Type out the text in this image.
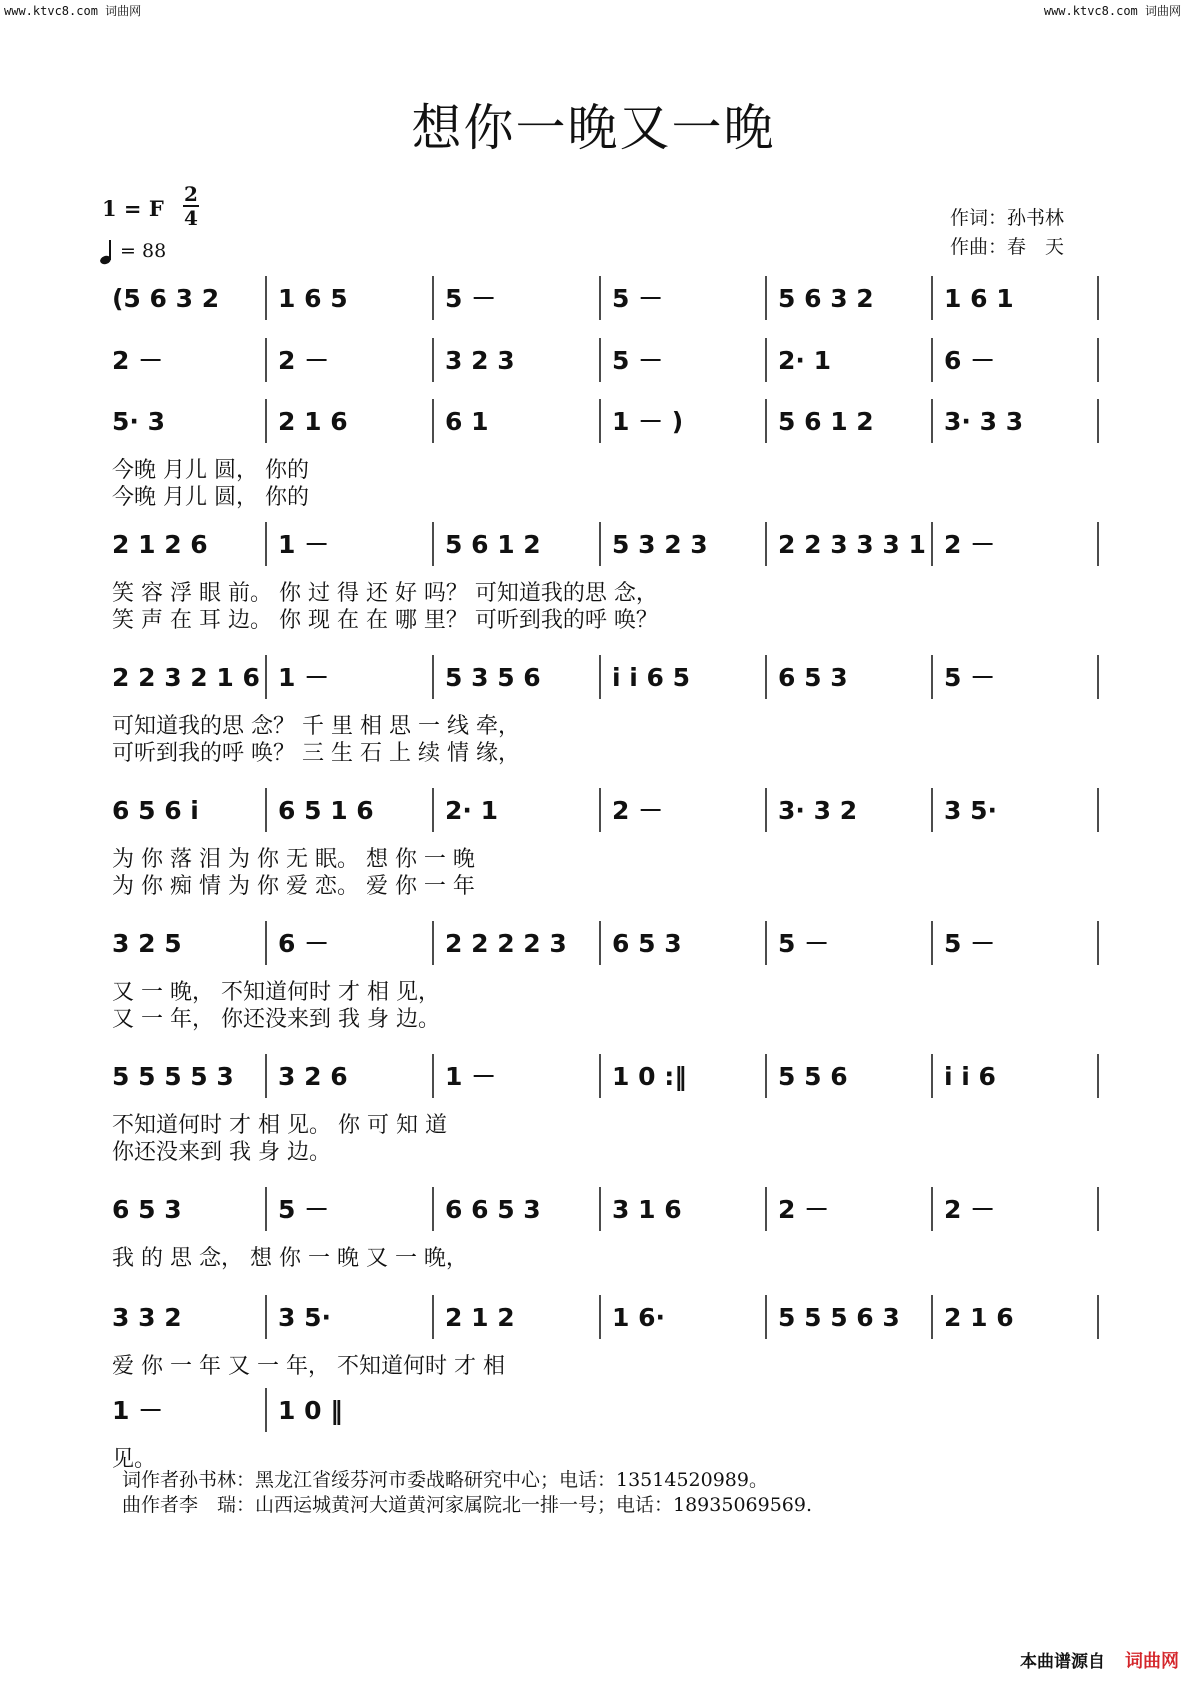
www.ktvc8.com 词曲网	www.ktvc8.com 词曲网
想你一晚又一晚
1 = F
2
4
= 88
作词：孙书林
作曲：春　天
(5 6 3 2 1 6 5	5 －	5 －	5 6 3 2	1 6 1
2 －	2 －	3 2 3	5 －	2· 1	6 －
5· 3	2 1 6	6 1	1 － )	5 6 1 2	3· 3 3
今晚 月儿 圆， 你的
今晚 月儿 圆， 你的
2 1 2 6	1 －	5 6 1 2	5 3 2 3	2 2 3 3 3 1 2 －
笑 容 浮 眼 前。 你 过 得 还 好 吗？ 可知道我的思 念，
笑 声 在 耳 边。 你 现 在 在 哪 里？ 可听到我的呼 唤？
2 2 3 2 1 6 1 －	5 3 5 6	i i 6 5	6 5 3	5 －
可知道我的思 念？ 千 里 相 思 一 线 牵，
可听到我的呼 唤？ 三 生 石 上 续 情 缘，
6 5 6 i	6 5 1 6	2· 1	2 －	3· 3 2	3 5·
为 你 落 泪 为 你 无 眠。 想 你 一 晚
为 你 痴 情 为 你 爱 恋。 爱 你 一 年
3 2 5	6 －	2 2 2 2 3 6 5 3	5 －	5 －
又 一 晚， 不知道何时 才 相 见，
又 一 年， 你还没来到 我 身 边。
5 5 5 5 3 3 2 6	1 －	1 0 :‖	5 5 6	i i 6
不知道何时 才 相 见。 你 可 知 道
你还没来到 我 身 边。
6 5 3	5 －	6 6 5 3	3 1 6	2 －	2 －
我 的 思 念， 想 你 一 晚 又 一 晚，
3 3 2	3 5·	2 1 2	1 6·	5 5 5 6 3 2 1 6
爱 你 一 年 又 一 年， 不知道何时 才 相
1 －	1 0 ‖
见。
词作者孙书林：黑龙江省绥芬河市委战略研究中心；电话：13514520989。
曲作者李　瑞：山西运城黄河大道黄河家属院北一排一号；电话：18935069569.
本曲谱源自 词曲网
